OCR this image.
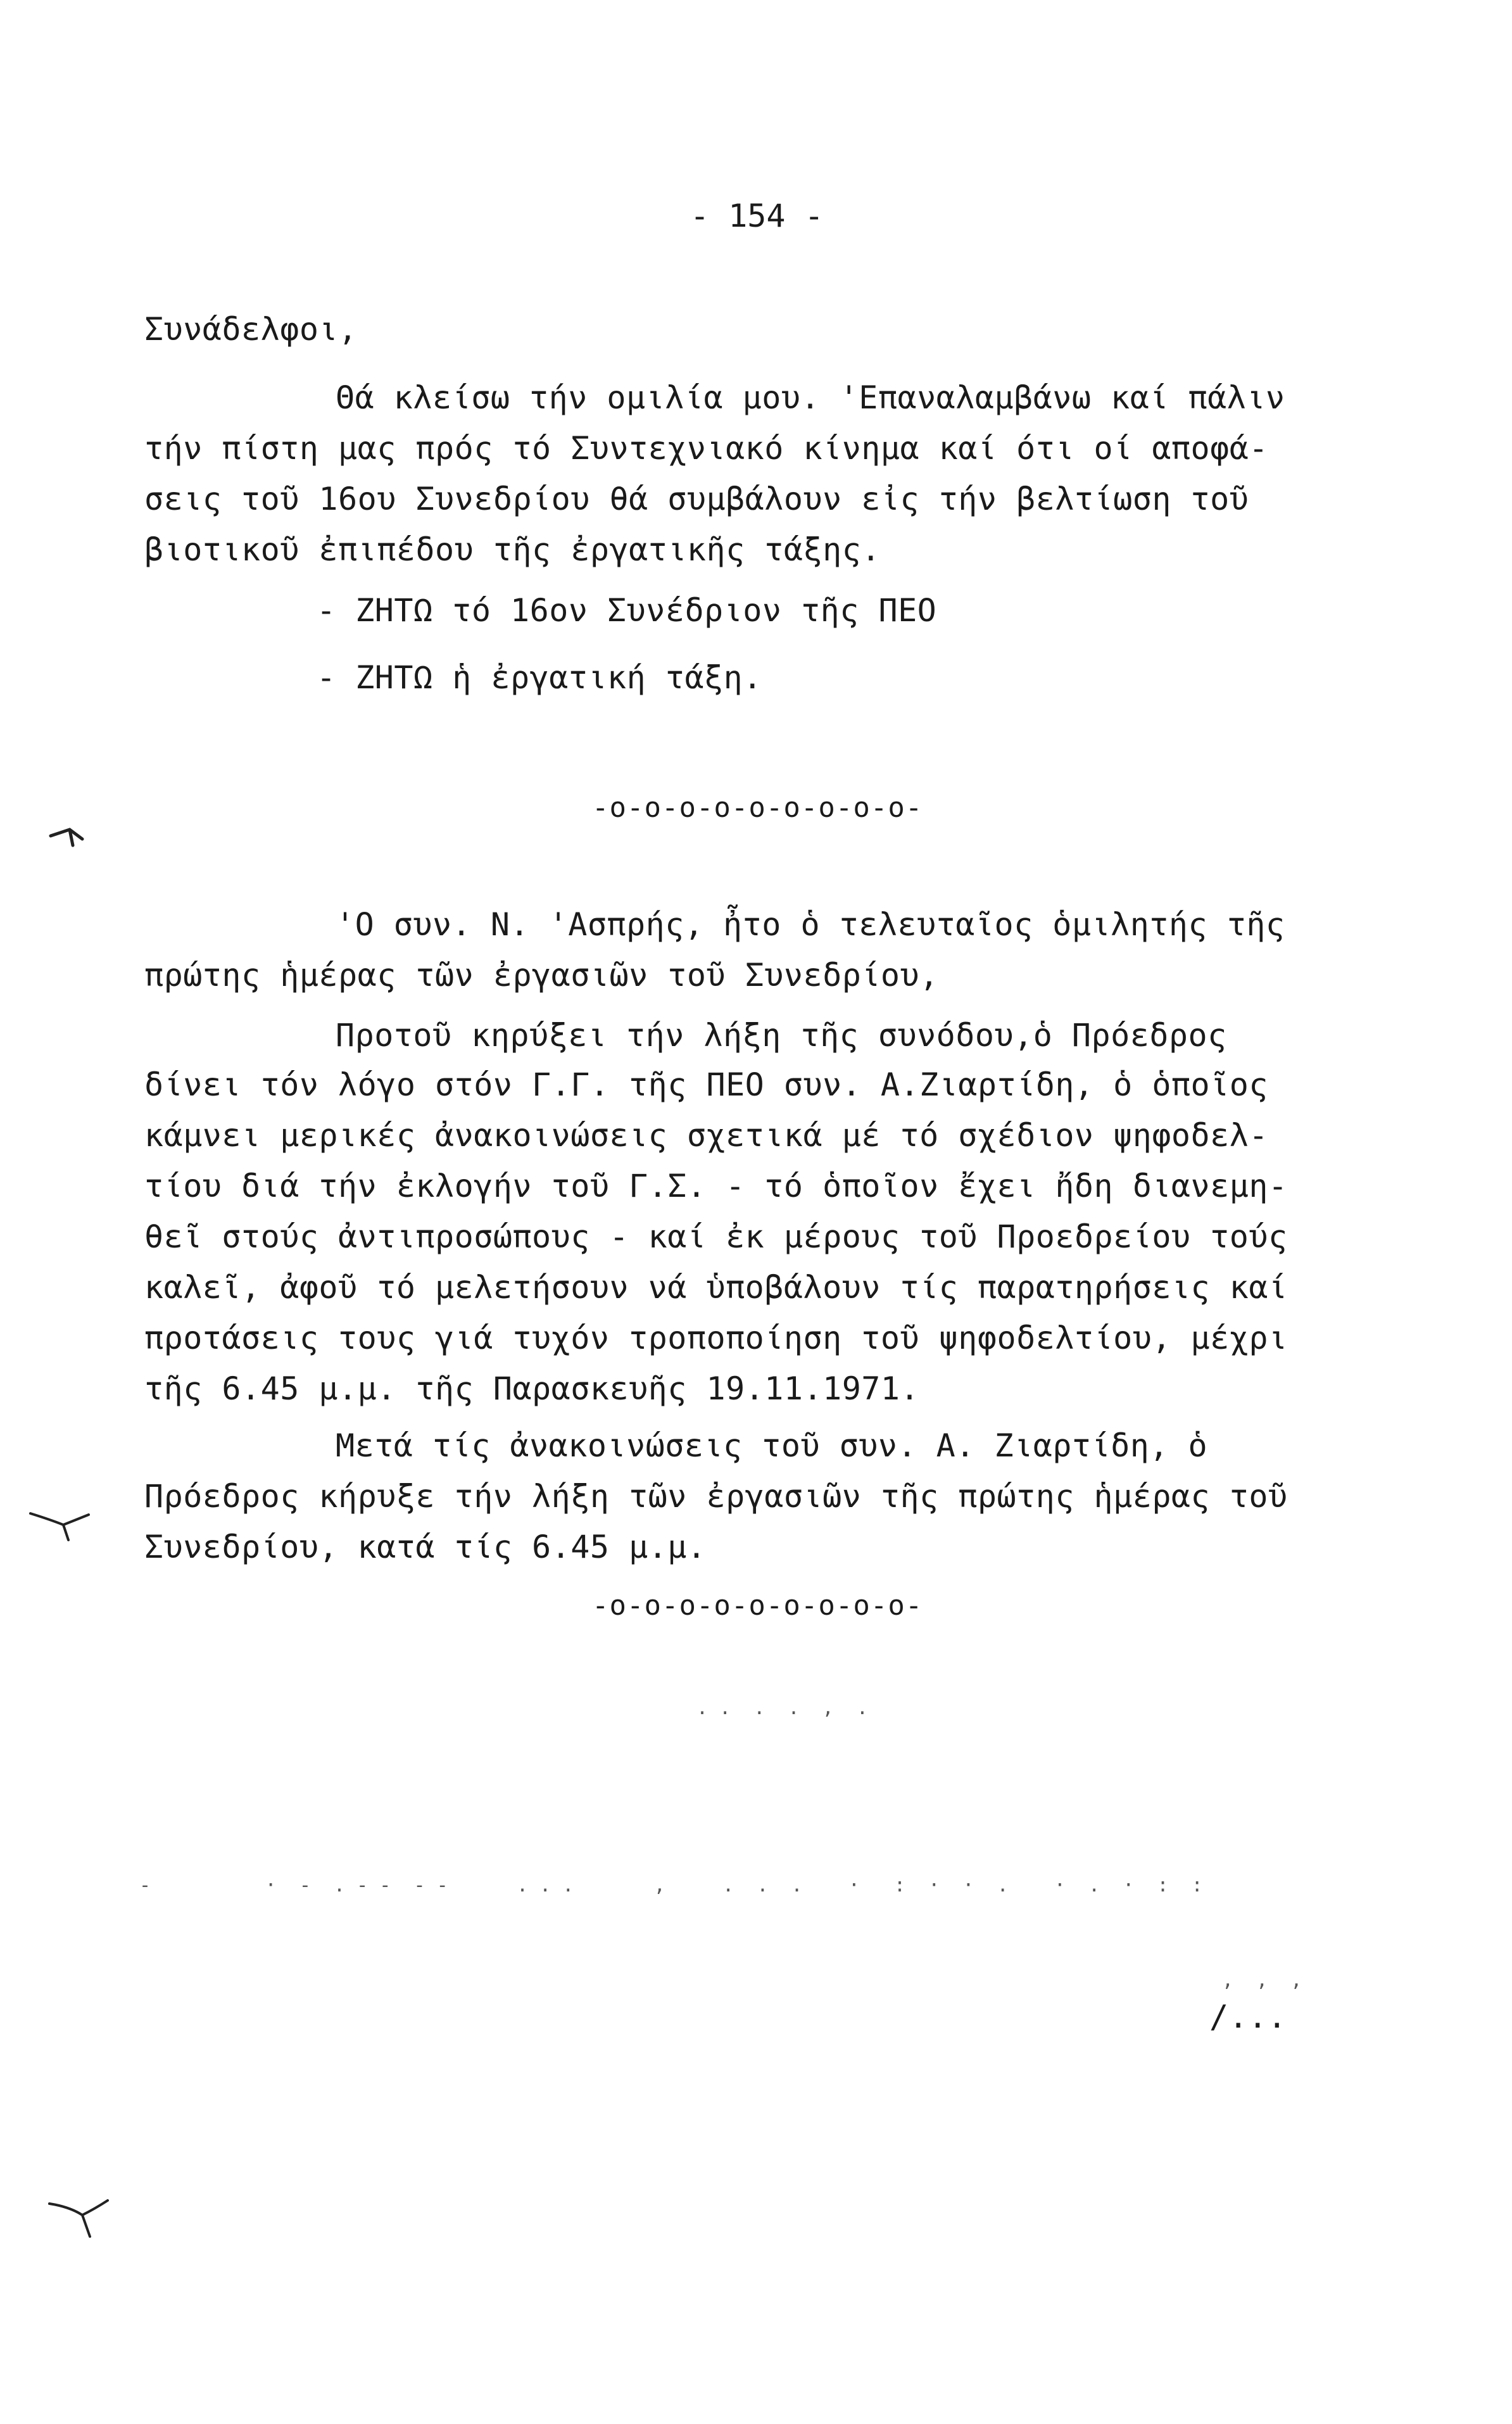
- 154 -
Συνάδελφοι,
Θά κλείσω τήν ομιλία μου. 'Επαναλαμβάνω καί πάλιν
τήν πίστη μας πρός τό Συντεχνιακό κίνημα καί ότι οί αποφά-
σεις τοῦ 16ου Συνεδρίου θά συμβάλουν εἰς τήν βελτίωση τοῦ
βιοτικοῦ ἐπιπέδου τῆς ἐργατικῆς τάξης.
- ΖΗΤΩ τό 16ον Συνέδριον τῆς ΠΕΟ
- ΖΗΤΩ ἡ ἐργατική τάξη.
-o-o-o-o-o-o-o-o-o-
'Ο συν. Ν. 'Ασπρής, ἦτο ὁ τελευταῖος ὁμιλητής τῆς
πρώτης ἡμέρας τῶν ἐργασιῶν τοῦ Συνεδρίου,
Προτοῦ κηρύξει τήν λήξη τῆς συνόδου,ὁ Πρόεδρος
δίνει τόν λόγο στόν Γ.Γ. τῆς ΠΕΟ συν. Α.Ζιαρτίδη, ὁ ὁποῖος
κάμνει μερικές ἀνακοινώσεις σχετικά μέ τό σχέδιον ψηφοδελ-
τίου διά τήν ἐκλογήν τοῦ Γ.Σ. - τό ὁποῖον ἔχει ἤδη διανεμη-
θεῖ στούς ἀντιπροσώπους - καί ἐκ μέρους τοῦ Προεδρείου τούς
καλεῖ, ἀφοῦ τό μελετήσουν νά ὑποβάλουν τίς παρατηρήσεις καί
προτάσεις τους γιά τυχόν τροποποίηση τοῦ ψηφοδελτίου, μέχρι
τῆς 6.45 μ.μ. τῆς Παρασκευῆς 19.11.1971.
Μετά τίς ἀνακοινώσεις τοῦ συν. Α. Ζιαρτίδη, ὁ
Πρόεδρος κήρυξε τήν λήξη τῶν ἐργασιῶν τῆς πρώτης ἡμέρας τοῦ
Συνεδρίου, κατά τίς 6.45 μ.μ.
-o-o-o-o-o-o-o-o-o-
/...
. .  .  .  ,  .
-          ·  -  . - -  - -      . . .       ,     .  .  .    ·   :  ·  ·  .    ·  .  ·  :  :
,  ,  ,
